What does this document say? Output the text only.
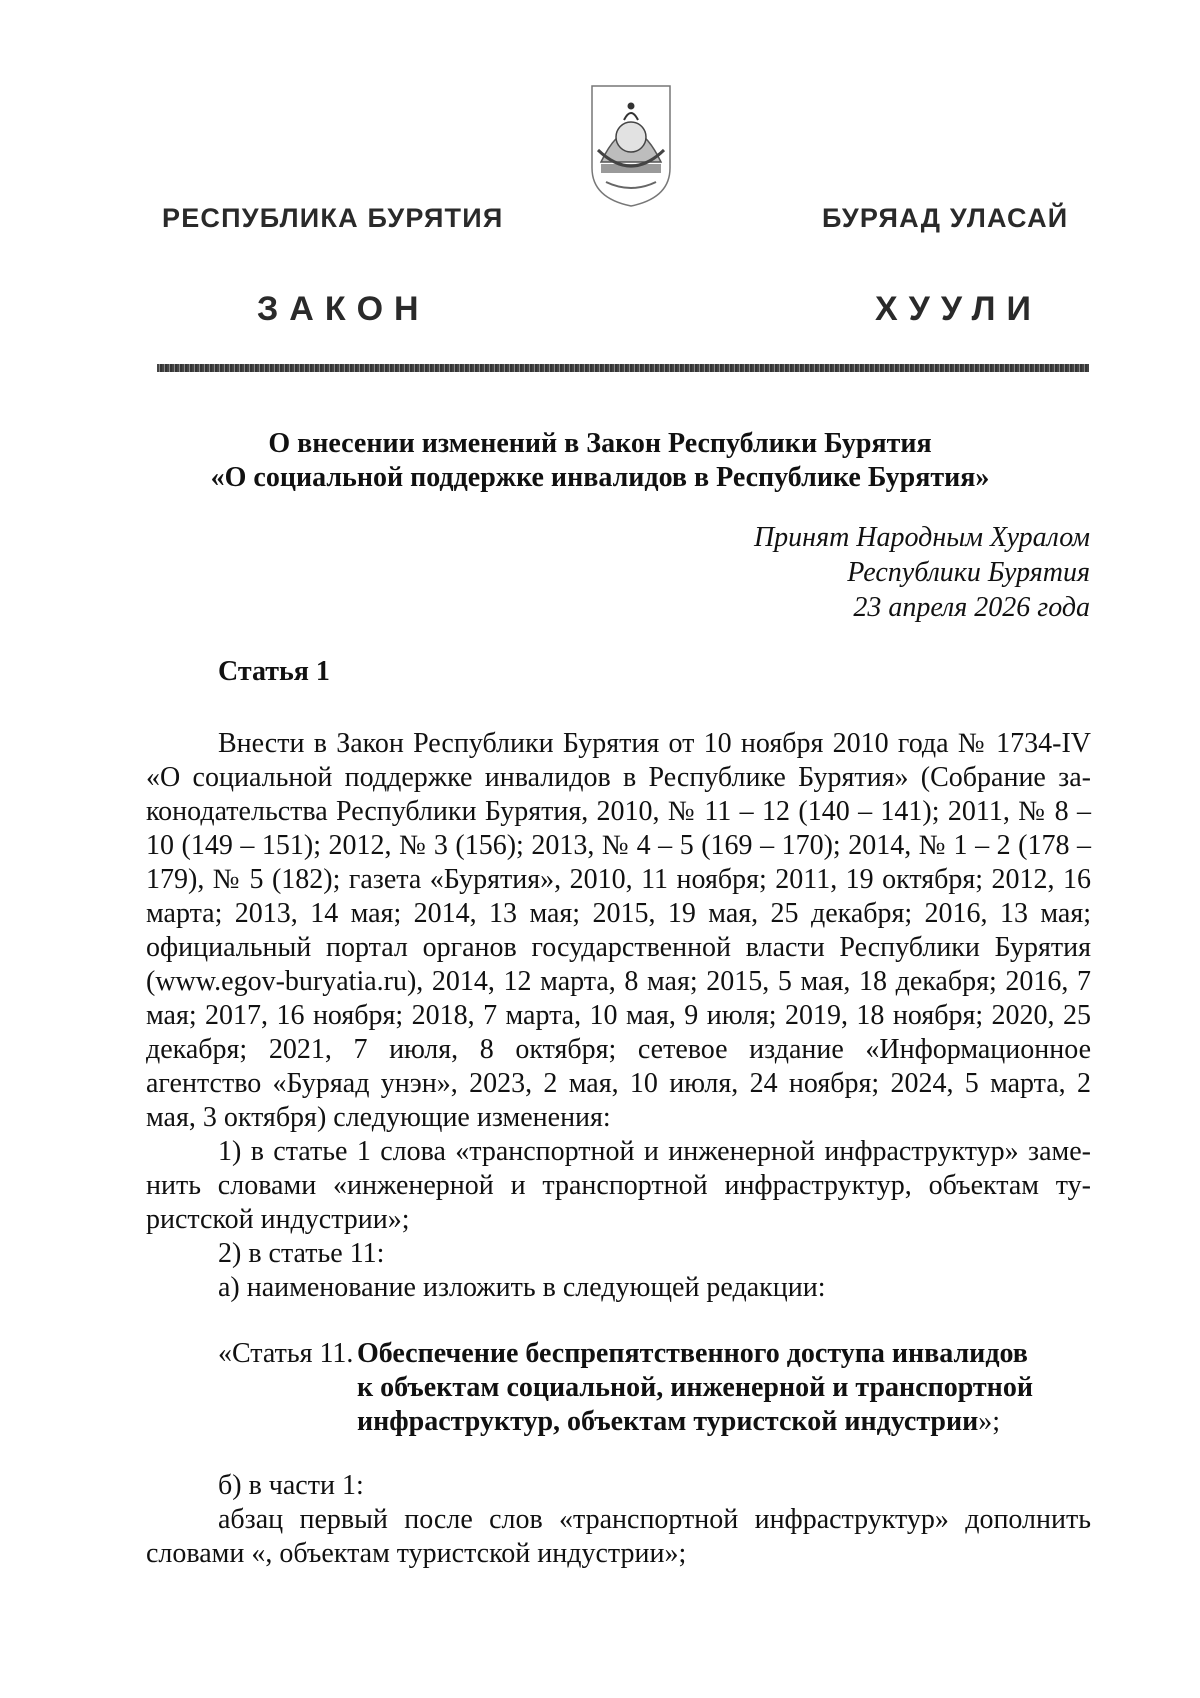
РЕСПУБЛИКА БУРЯТИЯ	БУРЯАД УЛАСАЙ
ЗАКОН	ХУУЛИ
О внесении изменений в Закон Республики Бурятия
«О социальной поддержке инвалидов в Республике Бурятия»
Принят Народным Хуралом
Республики Бурятия
23 апреля 2026 года
Статья 1
Внести в Закон Республики Бурятия от 10 ноября 2010 года № 1734-IV
«О социальной поддержке инвалидов в Республике Бурятия» (Собрание за-
конодательства Республики Бурятия, 2010, № 11 – 12 (140 – 141); 2011, № 8 –
10 (149 – 151); 2012, № 3 (156); 2013, № 4 – 5 (169 – 170); 2014, № 1 – 2 (178 –
179), № 5 (182); газета «Бурятия», 2010, 11 ноября; 2011, 19 октября; 2012, 16
марта; 2013, 14 мая; 2014, 13 мая; 2015, 19 мая, 25 декабря; 2016, 13 мая;
официальный портал органов государственной власти Республики Бурятия
(www.egov-buryatia.ru), 2014, 12 марта, 8 мая; 2015, 5 мая, 18 декабря; 2016, 7
мая; 2017, 16 ноября; 2018, 7 марта, 10 мая, 9 июля; 2019, 18 ноября; 2020, 25
декабря; 2021, 7 июля, 8 октября; сетевое издание «Информационное
агентство «Буряад унэн», 2023, 2 мая, 10 июля, 24 ноября; 2024, 5 марта, 2
мая, 3 октября) следующие изменения:
1) в статье 1 слова «транспортной и инженерной инфраструктур» заме-
нить словами «инженерной и транспортной инфраструктур, объектам ту-
ристской индустрии»;
2) в статье 11:
а) наименование изложить в следующей редакции:
«Статья 11. Обеспечение беспрепятственного доступа инвалидов
к объектам социальной, инженерной и транспортной
инфраструктур, объектам туристской индустрии»;
б) в части 1:
абзац первый после слов «транспортной инфраструктур» дополнить
словами «, объектам туристской индустрии»;
